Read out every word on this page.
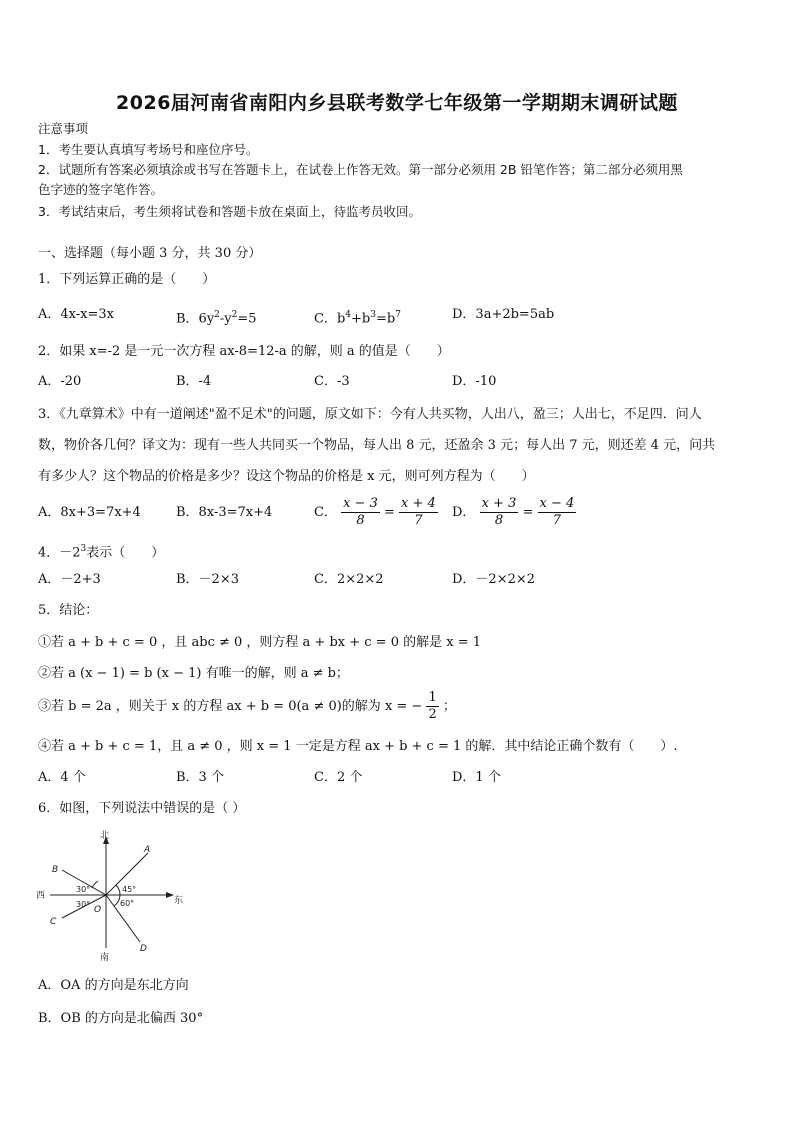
2026届河南省南阳内乡县联考数学七年级第一学期期末调研试题
注意事项
1．考生要认真填写考场号和座位序号。
2．试题所有答案必须填涂或书写在答题卡上，在试卷上作答无效。第一部分必须用 2B 铅笔作答；第二部分必须用黑
色字迹的签字笔作答。
3．考试结束后，考生须将试卷和答题卡放在桌面上，待监考员收回。
一、选择题（每小题 3 分，共 30 分）
1．下列运算正确的是（　　）
A．4x-x=3x	B．$6y^2-y^2=5$	C．$b^4+b^3=b^7$	D．3a+2b=5ab
2．如果 x=-2 是一元一次方程 ax-8=12-a 的解，则 a 的值是（　　）
A．-20	B．-4	C．-3	D．-10
3．《九章算术》中有一道阐述"盈不足术"的问题，原文如下：今有人共买物，人出八，盈三；人出七，不足四．问人
数，物价各几何？译文为：现有一些人共同买一个物品，每人出 8 元，还盈余 3 元；每人出 7 元，则还差 4 元，问共
有多少人？这个物品的价格是多少？设这个物品的价格是 x 元，则可列方程为（　　）
A．8x+3=7x+4	B．8x-3=7x+4	C． $\frac{x - 3}{8} = \frac{x + 4}{7}$ D． $\frac{x + 3}{8} = \frac{x - 4}{7}$
4．$-2^3$表示（　　）
A．－2+3	B．－2×3	C．2×2×2	D．－2×2×2
5．结论：
①若 a + b + c = 0 ，且 abc ≠ 0 ，则方程 a + bx + c = 0 的解是 x = 1
②若 a (x − 1) = b (x − 1) 有唯一的解，则 a ≠ b；
③若 b = 2a ，则关于 x 的方程 ax + b = 0(a ≠ 0)的解为 x = − $\frac{1}{2}$ ；
④若 a + b + c = 1，且 a ≠ 0 ，则 x = 1 一定是方程 ax + b + c = 1 的解．其中结论正确个数有（　　）.
A．4 个	B．3 个	C．2 个	D．1 个
6．如图，下列说法中错误的是（ ）
北
南
西	东
A
B
C
D
O
30°
30°
45°
60°
A．OA 的方向是东北方向
B．OB 的方向是北偏西 30°
